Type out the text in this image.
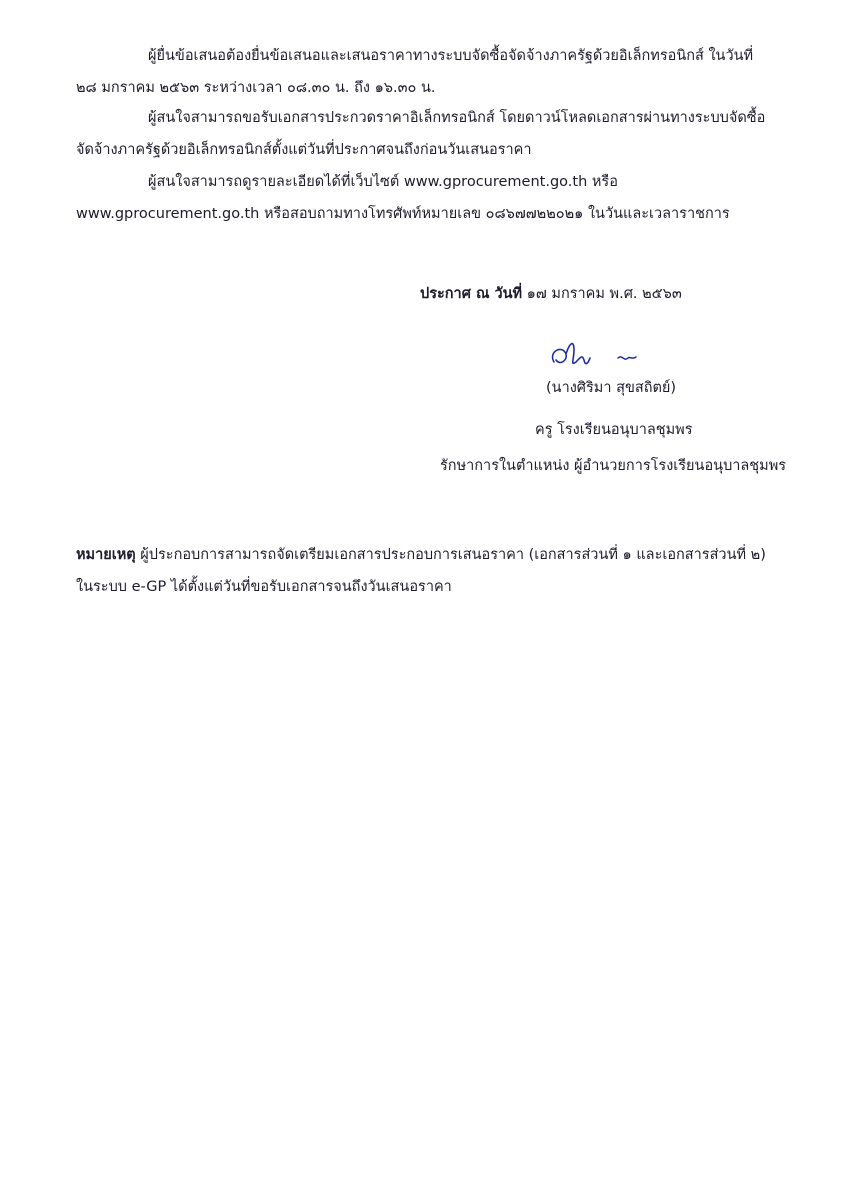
ผู้ยื่นข้อเสนอต้องยื่นข้อเสนอและเสนอราคาทางระบบจัดซื้อจัดจ้างภาครัฐด้วยอิเล็กทรอนิกส์ ในวันที่
๒๘ มกราคม ๒๕๖๓ ระหว่างเวลา ๐๘.๓๐ น. ถึง ๑๖.๓๐ น.
ผู้สนใจสามารถขอรับเอกสารประกวดราคาอิเล็กทรอนิกส์ โดยดาวน์โหลดเอกสารผ่านทางระบบจัดซื้อ
จัดจ้างภาครัฐด้วยอิเล็กทรอนิกส์ตั้งแต่วันที่ประกาศจนถึงก่อนวันเสนอราคา
ผู้สนใจสามารถดูรายละเอียดได้ที่เว็บไซต์ www.gprocurement.go.th หรือ
www.gprocurement.go.th หรือสอบถามทางโทรศัพท์หมายเลข ๐๘๖๗๗๒๒๐๒๑ ในวันและเวลาราชการ
ประกาศ ณ วันที่ ๑๗ มกราคม พ.ศ. ๒๕๖๓
(นางศิริมา สุขสถิตย์)
ครู โรงเรียนอนุบาลชุมพร
รักษาการในตำแหน่ง ผู้อำนวยการโรงเรียนอนุบาลชุมพร
หมายเหตุ ผู้ประกอบการสามารถจัดเตรียมเอกสารประกอบการเสนอราคา (เอกสารส่วนที่ ๑ และเอกสารส่วนที่ ๒)
ในระบบ e-GP ได้ตั้งแต่วันที่ขอรับเอกสารจนถึงวันเสนอราคา
